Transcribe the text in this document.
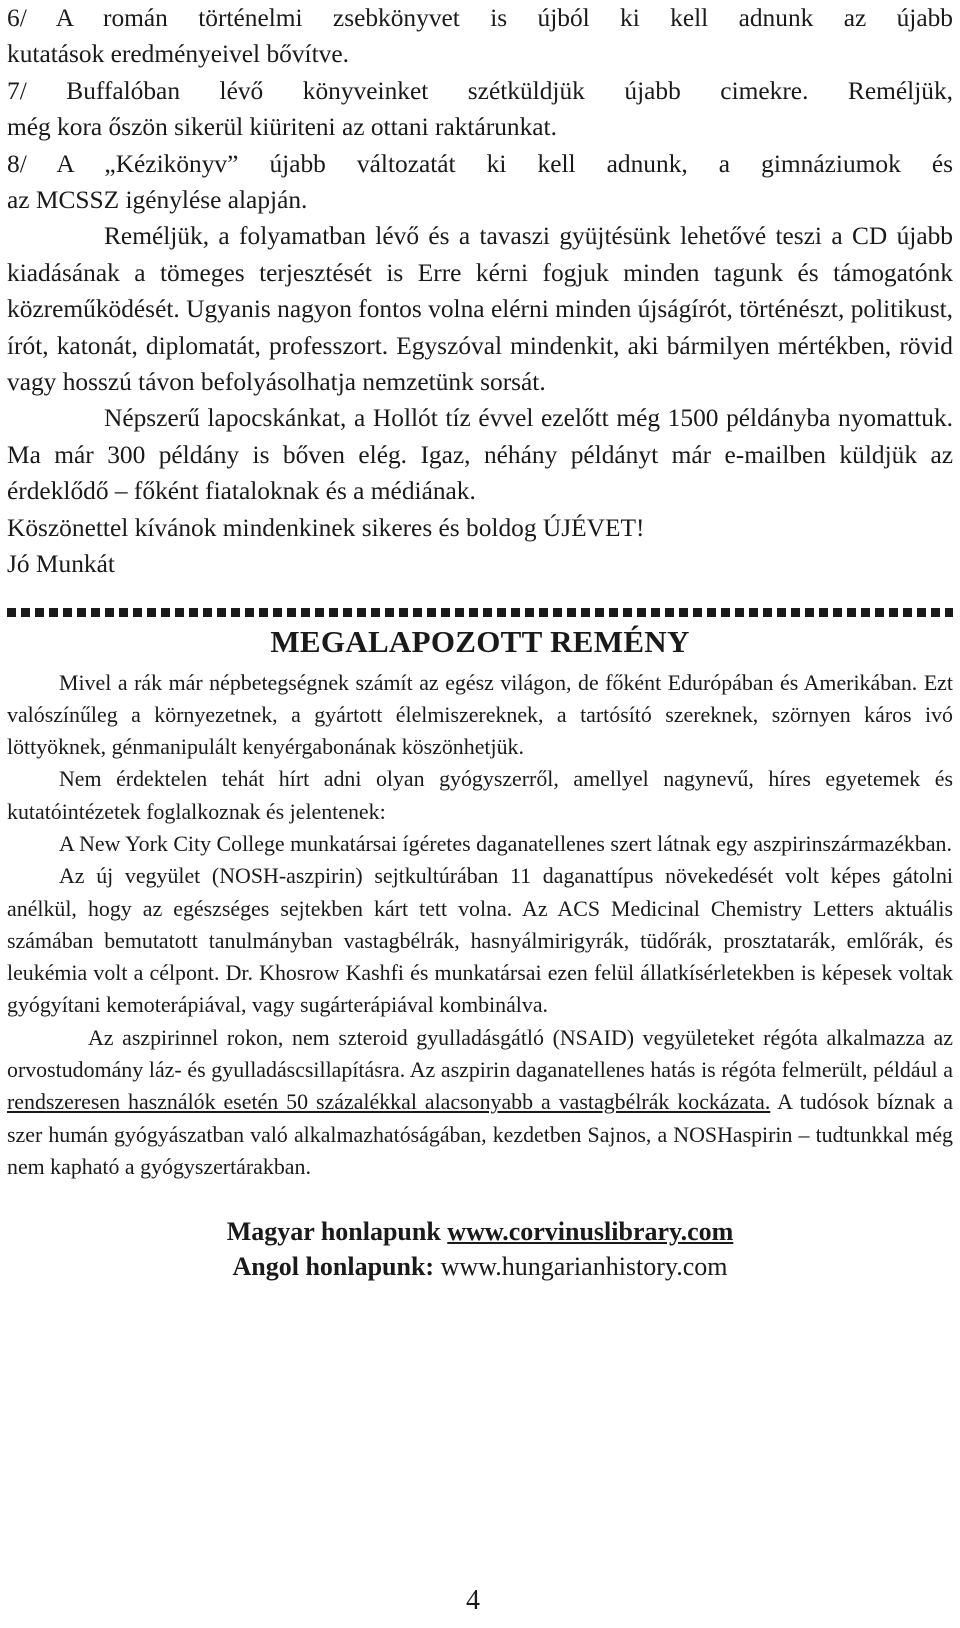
6/ A román történelmi zsebkönyvet is újból ki kell adnunk az újabb

kutatások eredményeivel bővítve.

7/ Buffalóban lévő könyveinket szétküldjük újabb cimekre. Reméljük,

még kora őszön sikerül kiüriteni az ottani raktárunkat.

8/ A „Kézikönyv” újabb változatát ki kell adnunk, a gimnáziumok és

az MCSSZ igénylése alapján.

Reméljük, a folyamatban lévő és a tavaszi gyüjtésünk lehetővé teszi a CD újabb kiadásának a tömeges terjesztését is Erre kérni fogjuk minden tagunk és támogatónk közreműködését. Ugyanis nagyon fontos volna elérni minden újságírót, történészt, politikust, írót, katonát, diplomatát, professzort. Egyszóval mindenkit, aki bármilyen mértékben, rövid vagy hosszú távon befolyásolhatja nemzetünk sorsát.

Népszerű lapocskánkat, a Hollót tíz évvel ezelőtt még 1500 példányba nyomattuk. Ma már 300 példány is bőven elég. Igaz, néhány példányt már e-mailben küldjük az érdeklődő – főként fiataloknak és a médiának.

Köszönettel kívánok mindenkinek sikeres és boldog ÚJÉVET!

Jó Munkát

MEGALAPOZOTT REMÉNY

Mivel a rák már népbetegségnek számít az egész világon, de főként Edurópában és Amerikában. Ezt valószínűleg a környezetnek, a gyártott élelmiszereknek, a tartósító szereknek, szörnyen káros ivó löttyöknek, génmanipulált kenyérgabonának köszönhetjük.

Nem érdektelen tehát hírt adni olyan gyógyszerről, amellyel nagynevű, híres egyetemek és kutatóintézetek foglalkoznak és jelentenek:

A New York City College munkatársai ígéretes daganatellenes szert látnak egy aszpirinszármazékban.

Az új vegyület (NOSH-aszpirin) sejtkultúrában 11 daganattípus növekedését volt képes gátolni anélkül, hogy az egészséges sejtekben kárt tett volna. Az ACS Medicinal Chemistry Letters aktuális számában bemutatott tanulmányban vastagbélrák, hasnyálmirigyrák, tüdőrák, prosztatarák, emlőrák, és leukémia volt a célpont. Dr. Khosrow Kashfi és munkatársai ezen felül állatkísérletekben is képesek voltak gyógyítani kemoterápiával, vagy sugárterápiával kombinálva.

Az aszpirinnel rokon, nem szteroid gyulladásgátló (NSAID) vegyületeket régóta alkalmazza az orvostudomány láz- és gyulladáscsillapításra. Az aszpirin daganatellenes hatás is régóta felmerült, például a rendszeresen használók esetén 50 százalékkal alacsonyabb a vastagbélrák kockázata. A tudósok bíznak a szer humán gyógyászatban való alkalmazhatóságában, kezdetben Sajnos, a NOSHaspirin – tudtunkkal még nem kapható a gyógyszertárakban.

Magyar honlapunk www.corvinuslibrary.com
Angol honlapunk: www.hungarianhistory.com
4
